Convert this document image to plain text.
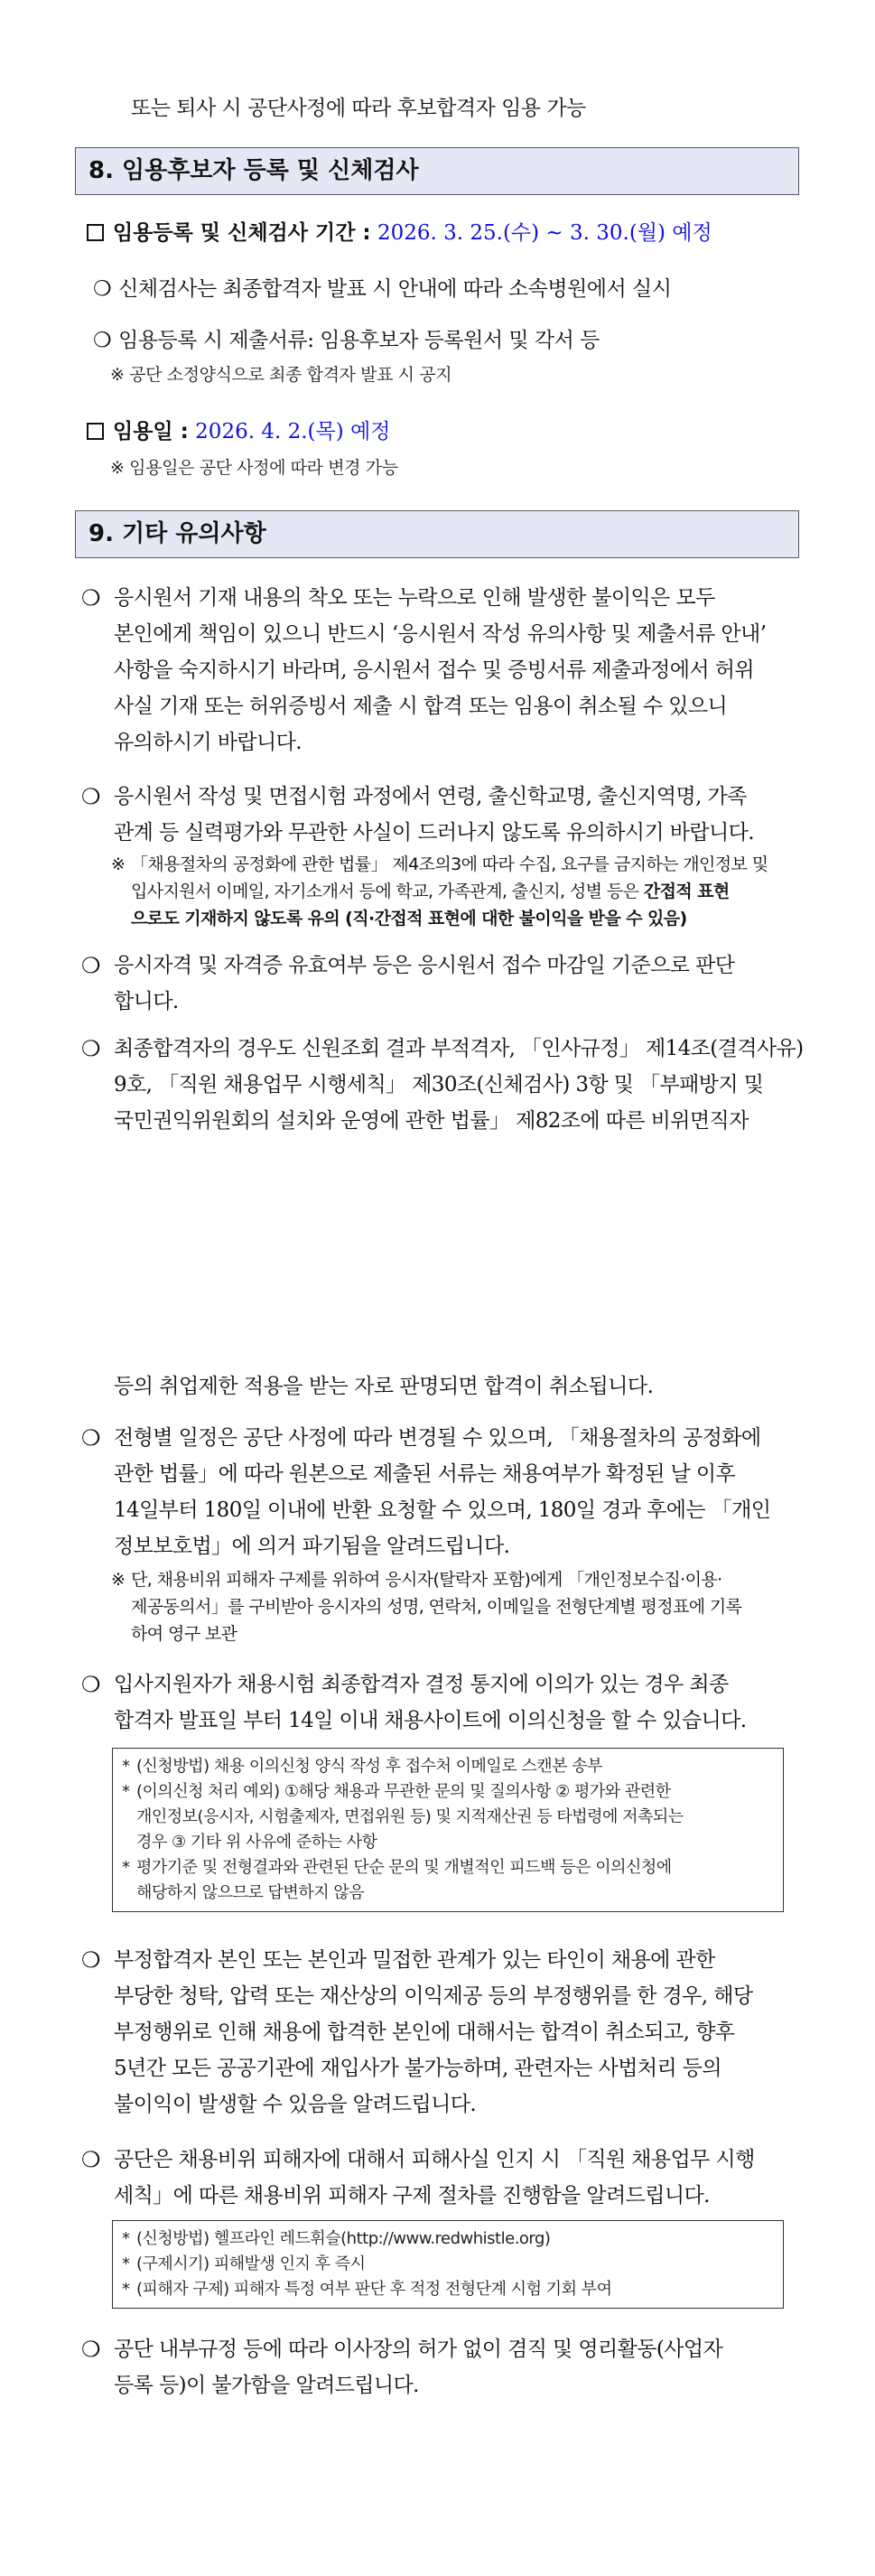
또는 퇴사 시 공단사정에 따라 후보합격자 임용 가능
8. 임용후보자 등록 및 신체검사
임용등록 및 신체검사 기간 : 2026. 3. 25.(수) ~ 3. 30.(월) 예정
❍ 신체검사는 최종합격자 발표 시 안내에 따라 소속병원에서 실시
❍ 임용등록 시 제출서류: 임용후보자 등록원서 및 각서 등
※ 공단 소정양식으로 최종 합격자 발표 시 공지
임용일 : 2026. 4. 2.(목) 예정
※ 임용일은 공단 사정에 따라 변경 가능
9. 기타 유의사항
❍ 응시원서 기재 내용의 착오 또는 누락으로 인해 발생한 불이익은 모두
본인에게 책임이 있으니 반드시 ‘응시원서 작성 유의사항 및 제출서류 안내’
사항을 숙지하시기 바라며, 응시원서 접수 및 증빙서류 제출과정에서 허위
사실 기재 또는 허위증빙서 제출 시 합격 또는 임용이 취소될 수 있으니
유의하시기 바랍니다.
❍ 응시원서 작성 및 면접시험 과정에서 연령, 출신학교명, 출신지역명, 가족
관계 등 실력평가와 무관한 사실이 드러나지 않도록 유의하시기 바랍니다.
※ 「채용절차의 공정화에 관한 법률」 제4조의3에 따라 수집, 요구를 금지하는 개인정보 및
입사지원서 이메일, 자기소개서 등에 학교, 가족관계, 출신지, 성별 등은 간접적 표현
으로도 기재하지 않도록 유의 (직·간접적 표현에 대한 불이익을 받을 수 있음)
❍ 응시자격 및 자격증 유효여부 등은 응시원서 접수 마감일 기준으로 판단
합니다.
❍ 최종합격자의 경우도 신원조회 결과 부적격자, 「인사규정」 제14조(결격사유)
9호, 「직원 채용업무 시행세칙」 제30조(신체검사) 3항 및 「부패방지 및
국민권익위원회의 설치와 운영에 관한 법률」 제82조에 따른 비위면직자
등의 취업제한 적용을 받는 자로 판명되면 합격이 취소됩니다.
❍ 전형별 일정은 공단 사정에 따라 변경될 수 있으며, 「채용절차의 공정화에
관한 법률」에 따라 원본으로 제출된 서류는 채용여부가 확정된 날 이후
14일부터 180일 이내에 반환 요청할 수 있으며, 180일 경과 후에는 「개인
정보보호법」에 의거 파기됨을 알려드립니다.
※ 단, 채용비위 피해자 구제를 위하여 응시자(탈락자 포함)에게 「개인정보수집·이용·
제공동의서」를 구비받아 응시자의 성명, 연락처, 이메일을 전형단계별 평정표에 기록
하여 영구 보관
❍ 입사지원자가 채용시험 최종합격자 결정 통지에 이의가 있는 경우 최종
합격자 발표일 부터 14일 이내 채용사이트에 이의신청을 할 수 있습니다.
* (신청방법) 채용 이의신청 양식 작성 후 접수처 이메일로 스캔본 송부
* (이의신청 처리 예외) ①해당 채용과 무관한 문의 및 질의사항 ② 평가와 관련한
개인정보(응시자, 시험출제자, 면접위원 등) 및 지적재산권 등 타법령에 저촉되는
경우 ③ 기타 위 사유에 준하는 사항
* 평가기준 및 전형결과와 관련된 단순 문의 및 개별적인 피드백 등은 이의신청에
해당하지 않으므로 답변하지 않음
❍ 부정합격자 본인 또는 본인과 밀접한 관계가 있는 타인이 채용에 관한
부당한 청탁, 압력 또는 재산상의 이익제공 등의 부정행위를 한 경우, 해당
부정행위로 인해 채용에 합격한 본인에 대해서는 합격이 취소되고, 향후
5년간 모든 공공기관에 재입사가 불가능하며, 관련자는 사법처리 등의
불이익이 발생할 수 있음을 알려드립니다.
❍ 공단은 채용비위 피해자에 대해서 피해사실 인지 시 「직원 채용업무 시행
세칙」에 따른 채용비위 피해자 구제 절차를 진행함을 알려드립니다.
* (신청방법) 헬프라인 레드휘슬(http://www.redwhistle.org)
* (구제시기) 피해발생 인지 후 즉시
* (피해자 구제) 피해자 특정 여부 판단 후 적정 전형단계 시험 기회 부여
❍ 공단 내부규정 등에 따라 이사장의 허가 없이 겸직 및 영리활동(사업자
등록 등)이 불가함을 알려드립니다.
